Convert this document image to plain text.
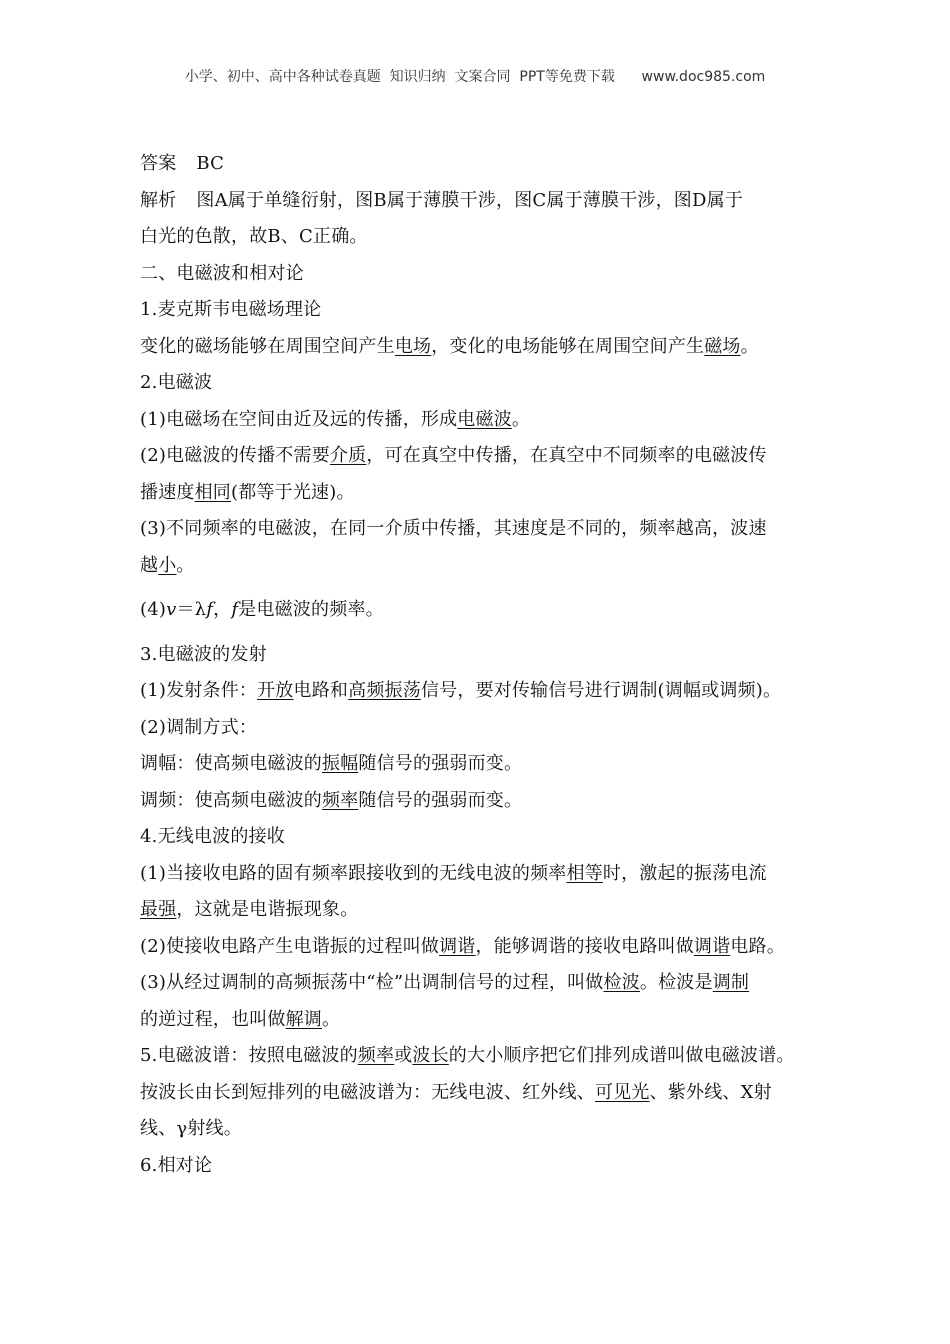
小学、初中、高中各种试卷真题  知识归纳  文案合同  PPT等免费下载      www.doc985.com

答案 BC

解析 图A属于单缝衍射，图B属于薄膜干涉，图C属于薄膜干涉，图D属于

白光的色散，故B、C正确。

二、电磁波和相对论

1.麦克斯韦电磁场理论

变化的磁场能够在周围空间产生电场，变化的电场能够在周围空间产生磁场。

2.电磁波

(1)电磁场在空间由近及远的传播，形成电磁波。

(2)电磁波的传播不需要介质，可在真空中传播，在真空中不同频率的电磁波传
播速度相同(都等于光速)。

(3)不同频率的电磁波，在同一介质中传播，其速度是不同的，频率越高，波速
越小。

(4)v＝λf，f是电磁波的频率。

3.电磁波的发射

(1)发射条件：开放电路和高频振荡信号，要对传输信号进行调制(调幅或调频)。

(2)调制方式：

调幅：使高频电磁波的振幅随信号的强弱而变。

调频：使高频电磁波的频率随信号的强弱而变。

4.无线电波的接收

(1)当接收电路的固有频率跟接收到的无线电波的频率相等时，激起的振荡电流
最强，这就是电谐振现象。

(2)使接收电路产生电谐振的过程叫做调谐，能够调谐的接收电路叫做调谐电路。

(3)从经过调制的高频振荡中“检”出调制信号的过程，叫做检波。检波是调制
的逆过程，也叫做解调。

5.电磁波谱：按照电磁波的频率或波长的大小顺序把它们排列成谱叫做电磁波谱。
按波长由长到短排列的电磁波谱为：无线电波、红外线、可见光、紫外线、X射
线、γ射线。

6.相对论
